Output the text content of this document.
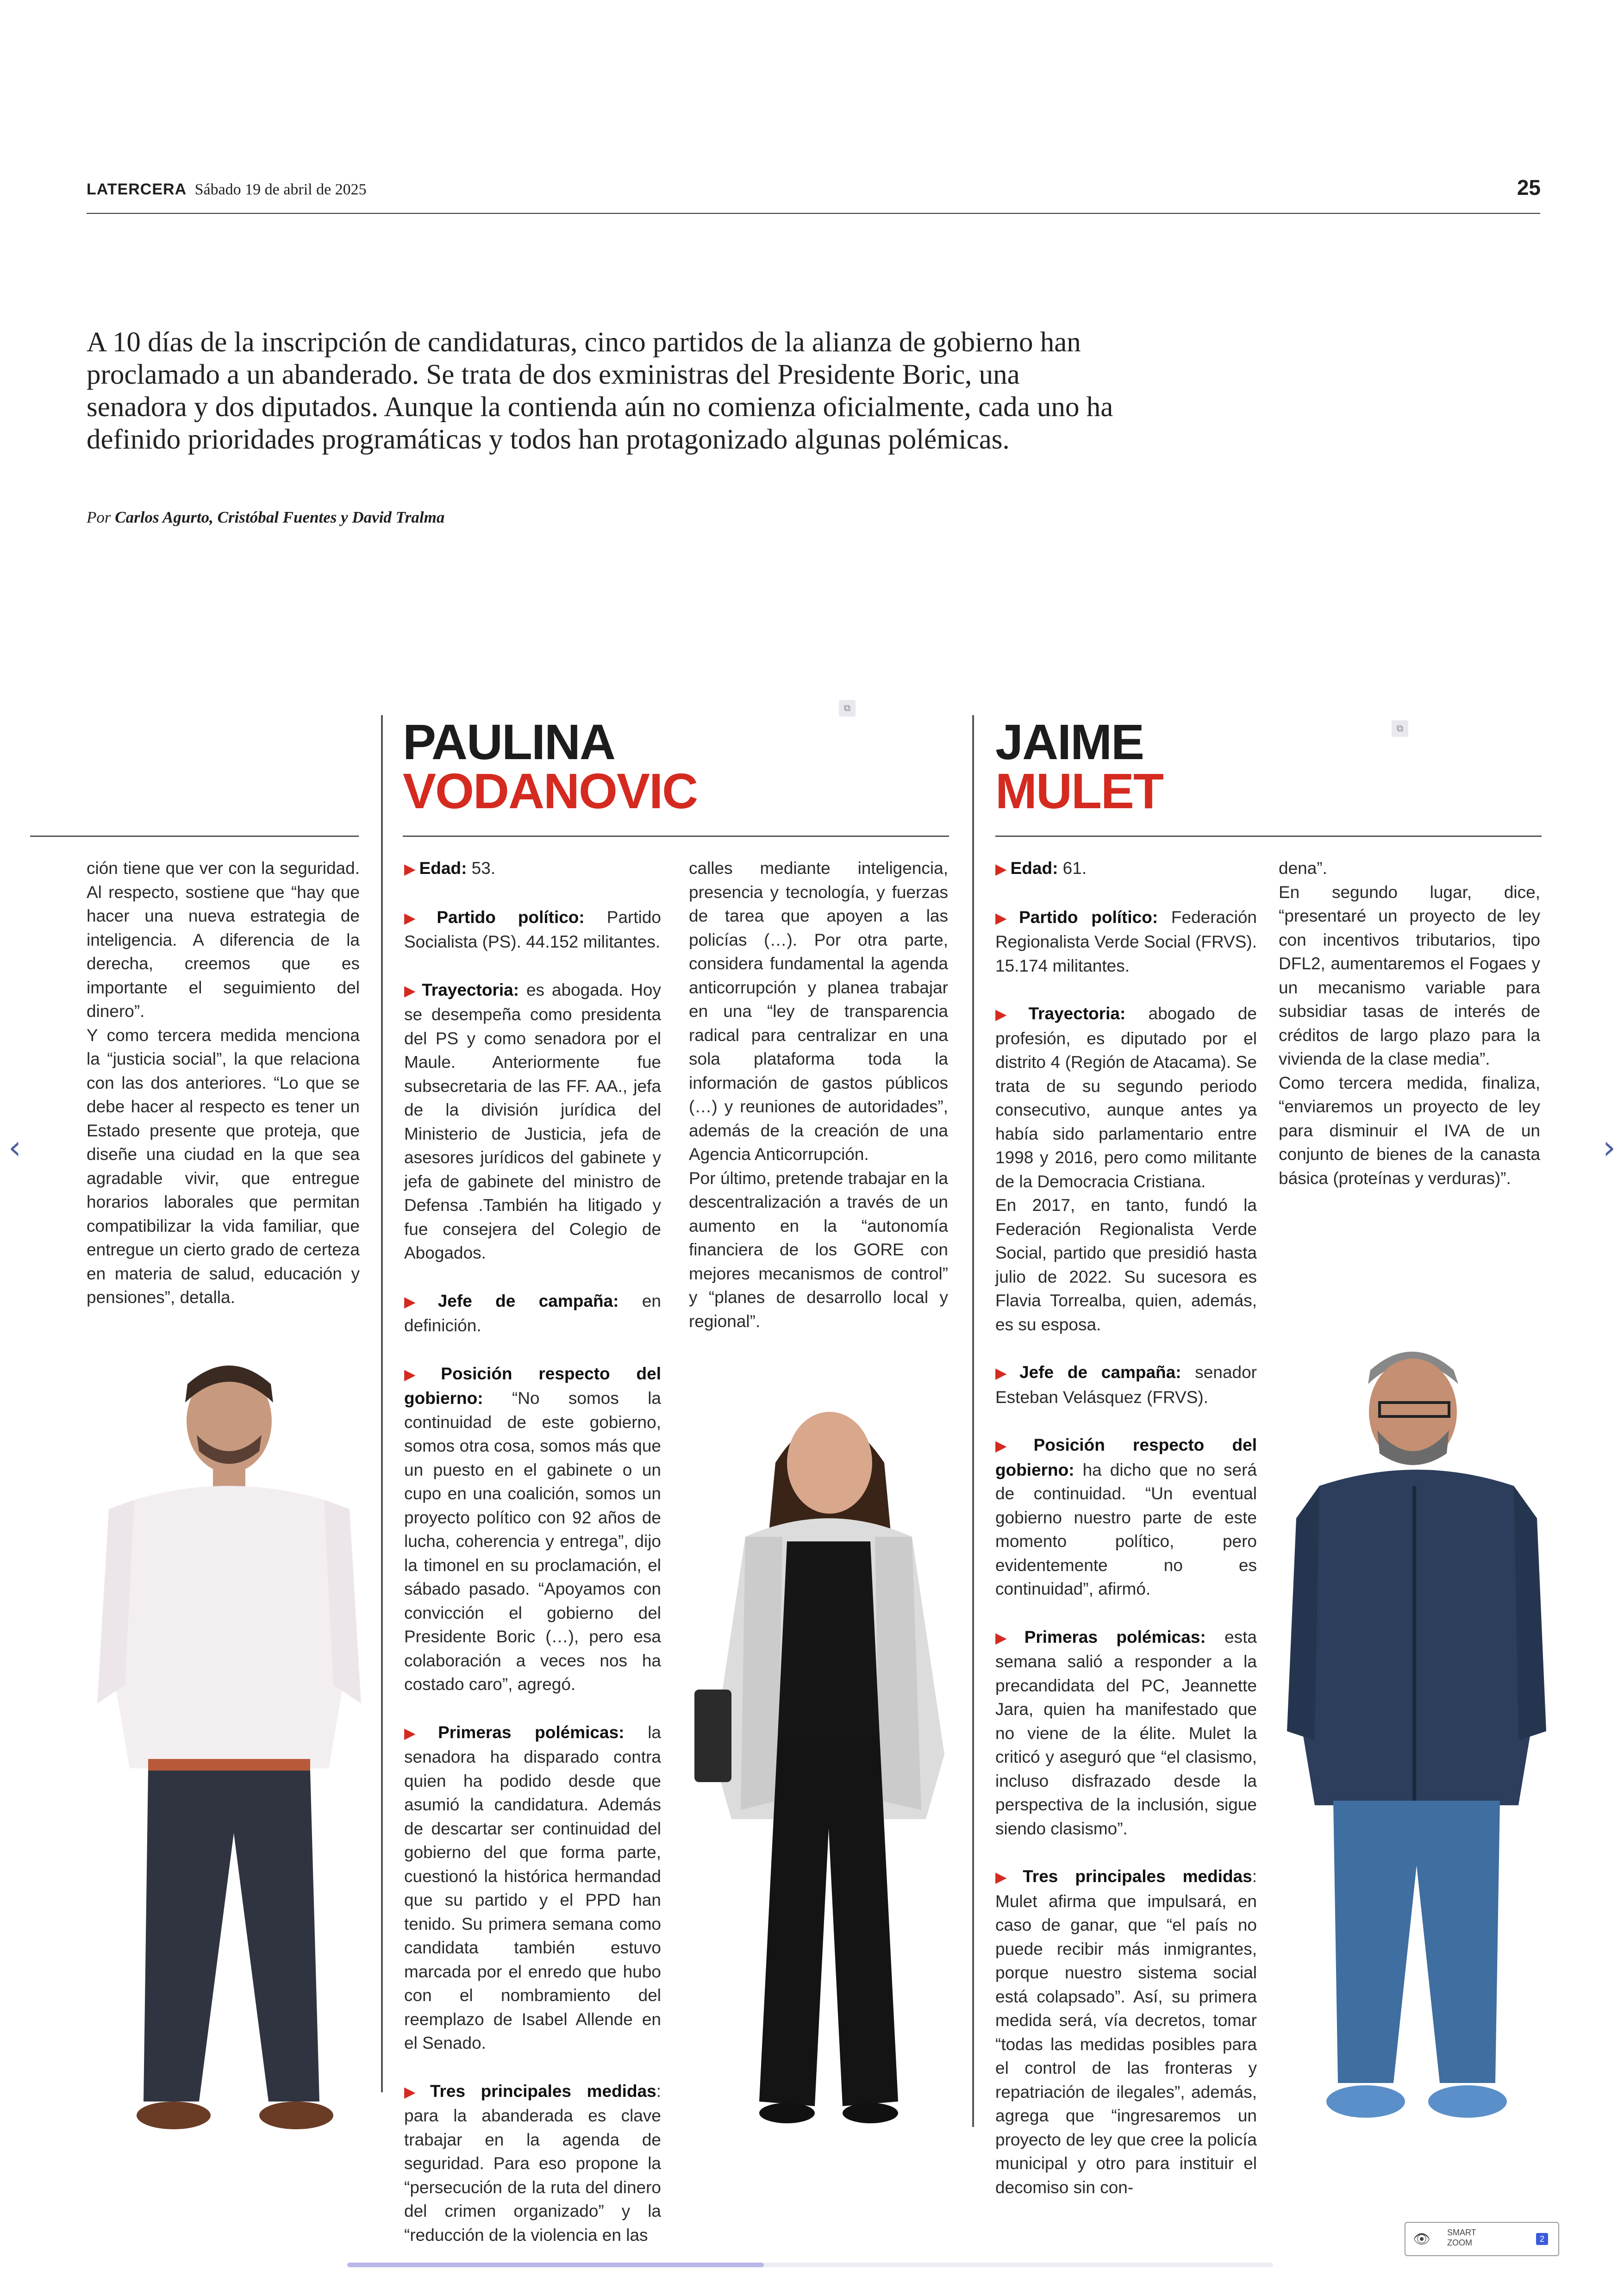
LATERCERA Sábado 19 de abril de 2025	25
A 10 días de la inscripción de candidaturas, cinco partidos de la alianza de gobierno han proclamado a un abanderado. Se trata de dos exministras del Presidente Boric, una senadora y dos diputados. Aunque la contienda aún no comienza oficialmente, cada uno ha definido prioridades programáticas y todos han protagonizado algunas polémicas.
Por Carlos Agurto, Cristóbal Fuentes y David Tralma

ción tiene que ver con la seguridad. Al respecto, sostiene que “hay que hacer una nueva estrategia de inteligencia. A diferencia de la derecha, creemos que es importante el seguimiento del dinero”.

Y como tercera medida menciona la “justicia social”, la que relaciona con las dos anteriores. “Lo que se debe hacer al respecto es tener un Estado presente que proteja, que diseñe una ciudad en la que sea agradable vivir, que entregue horarios laborales que permitan compatibilizar la vida familiar, que entregue un cierto grado de certeza en materia de salud, educación y pensiones”, detalla.

PAULINA
VODANOVIC
⧉

▶ Edad: 53.

▶ Partido político: Partido Socialista (PS). 44.152 militantes.

▶ Trayectoria: es abogada. Hoy se desempeña como presidenta del PS y como senadora por el Maule. Anteriormente fue subsecretaria de las FF. AA., jefa de la división jurídica del Ministerio de Justicia, jefa de asesores jurídicos del gabinete y jefa de gabinete del ministro de Defensa .También ha litigado y fue consejera del Colegio de Abogados.

▶ Jefe de campaña: en definición.

▶ Posición respecto del gobierno: “No somos la continuidad de este gobierno, somos otra cosa, somos más que un puesto en el gabinete o un cupo en una coalición, somos un proyecto político con 92 años de lucha, coherencia y entrega”, dijo la timonel en su proclamación, el sábado pasado. “Apoyamos con convicción el gobierno del Presidente Boric (…), pero esa colaboración a veces nos ha costado caro”, agregó.

▶ Primeras polémicas: la senadora ha disparado contra quien ha podido desde que asumió la candidatura. Además de descartar ser continuidad del gobierno del que forma parte, cuestionó la histórica hermandad que su partido y el PPD han tenido. Su primera semana como candidata también estuvo marcada por el enredo que hubo con el nombramiento del reemplazo de Isabel Allende en el Senado.

▶ Tres principales medidas: para la abanderada es clave trabajar en la agenda de seguridad. Para eso propone la “persecución de la ruta del dinero del crimen organizado” y la “reducción de la violencia en las

calles mediante inteligencia, presencia y tecnología, y fuerzas de tarea que apoyen a las policías (…). Por otra parte, considera fundamental la agenda anticorrupción y planea trabajar en una “ley de transparencia radical para centralizar en una sola plataforma toda la información de gastos públicos (…) y reuniones de autoridades”, además de la creación de una Agencia Anticorrupción.

Por último, pretende trabajar en la descentralización a través de un aumento en la “autonomía financiera de los GORE con mejores mecanismos de control” y “planes de desarrollo local y regional”.

JAIME
MULET
⧉

▶ Edad: 61.

▶ Partido político: Federación Regionalista Verde Social (FRVS). 15.174 militantes.

▶ Trayectoria: abogado de profesión, es diputado por el distrito 4 (Región de Atacama). Se trata de su segundo periodo consecutivo, aunque antes ya había sido parlamentario entre 1998 y 2016, pero como militante de la Democracia Cristiana.

En 2017, en tanto, fundó la Federación Regionalista Verde Social, partido que presidió hasta julio de 2022. Su sucesora es Flavia Torrealba, quien, además, es su esposa.

▶ Jefe de campaña: senador Esteban Velásquez (FRVS).

▶ Posición respecto del gobierno: ha dicho que no será de continuidad. “Un eventual gobierno nuestro parte de este momento político, pero evidentemente no es continuidad”, afirmó.

▶ Primeras polémicas: esta semana salió a responder a la precandidata del PC, Jeannette Jara, quien ha manifestado que no viene de la élite. Mulet la criticó y aseguró que “el clasismo, incluso disfrazado desde la perspectiva de la inclusión, sigue siendo clasismo”.

▶ Tres principales medidas: Mulet afirma que impulsará, en caso de ganar, que “el país no puede recibir más inmigrantes, porque nuestro sistema social está colapsado”. Así, su primera medida será, vía decretos, tomar “todas las medidas posibles para el control de las fronteras y repatriación de ilegales”, además, agrega que “ingresaremos un proyecto de ley que cree la policía municipal y otro para instituir el decomiso sin con-

dena”.

En segundo lugar, dice, “presentaré un proyecto de ley con incentivos tributarios, tipo DFL2, aumentaremos el Fogaes y un mecanismo variable para subsidiar tasas de interés de créditos de largo plazo para la vivienda de la clase media”.

Como tercera medida, finaliza, “enviaremos un proyecto de ley para disminuir el IVA de un conjunto de bienes de la canasta básica (proteínas y verduras)”.

‹	›
👁 SMART ZOOM	2
